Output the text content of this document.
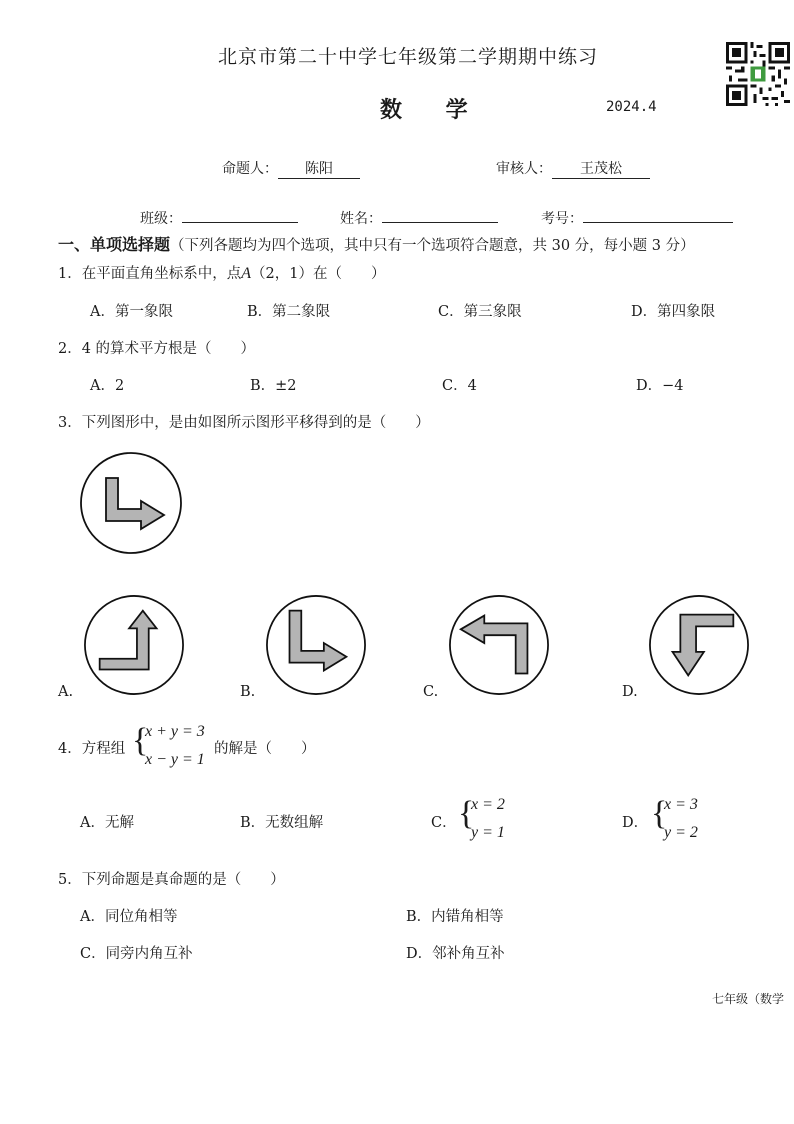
北京市第二十中学七年级第二学期期中练习
数 学	2024.4
命题人： 陈阳	审核人： 王茂松
班级：	姓名：	考号：
一、单项选择题（下列各题均为四个选项，其中只有一个选项符合题意，共 30 分，每小题 3 分）
1．在平面直角坐标系中，点A（2，1）在（　　）
A．第一象限	B．第二象限	C．第三象限	D．第四象限
2．4 的算术平方根是（　　）
A．2	B．±2	C．4	D．−4
3．下列图形中，是由如图所示图形平移得到的是（　　）
A.	B.	C.	D.
4．方程组 {
x + y = 3
x − y = 1
的解是（　　）
A．无解	B．无数组解	C． {
x = 2
y = 1
D． {
x = 3
y = 2
5．下列命题是真命题的是（　　）
A．同位角相等	B．内错角相等
C．同旁内角互补	D．邻补角互补
七年级（数学
